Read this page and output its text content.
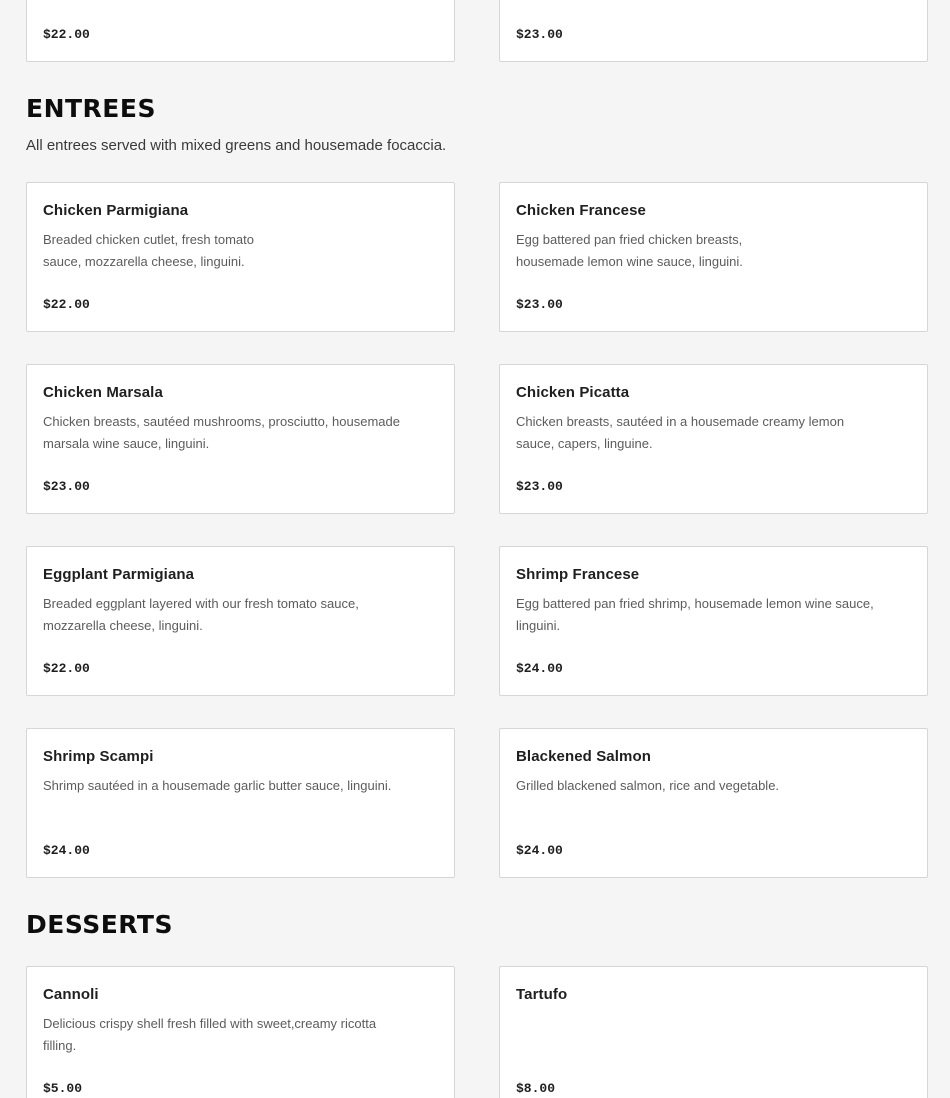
$22.00	$23.00
ENTREES
All entrees served with mixed greens and housemade focaccia.
Chicken Parmigiana
Breaded chicken cutlet, fresh tomato
sauce, mozzarella cheese, linguini.
$22.00
Chicken Francese
Egg battered pan fried chicken breasts,
housemade lemon wine sauce, linguini.
$23.00
Chicken Marsala
Chicken breasts, sautéed mushrooms, prosciutto, housemade
marsala wine sauce, linguini.
$23.00
Chicken Picatta
Chicken breasts, sautéed in a housemade creamy lemon
sauce, capers, linguine.
$23.00
Eggplant Parmigiana
Breaded eggplant layered with our fresh tomato sauce,
mozzarella cheese, linguini.
$22.00
Shrimp Francese
Egg battered pan fried shrimp, housemade lemon wine sauce,
linguini.
$24.00
Shrimp Scampi
Shrimp sautéed in a housemade garlic butter sauce, linguini.
$24.00
Blackened Salmon
Grilled blackened salmon, rice and vegetable.
$24.00
DESSERTS
Cannoli
Delicious crispy shell fresh filled with sweet,creamy ricotta
filling.
$5.00
Tartufo
$8.00
